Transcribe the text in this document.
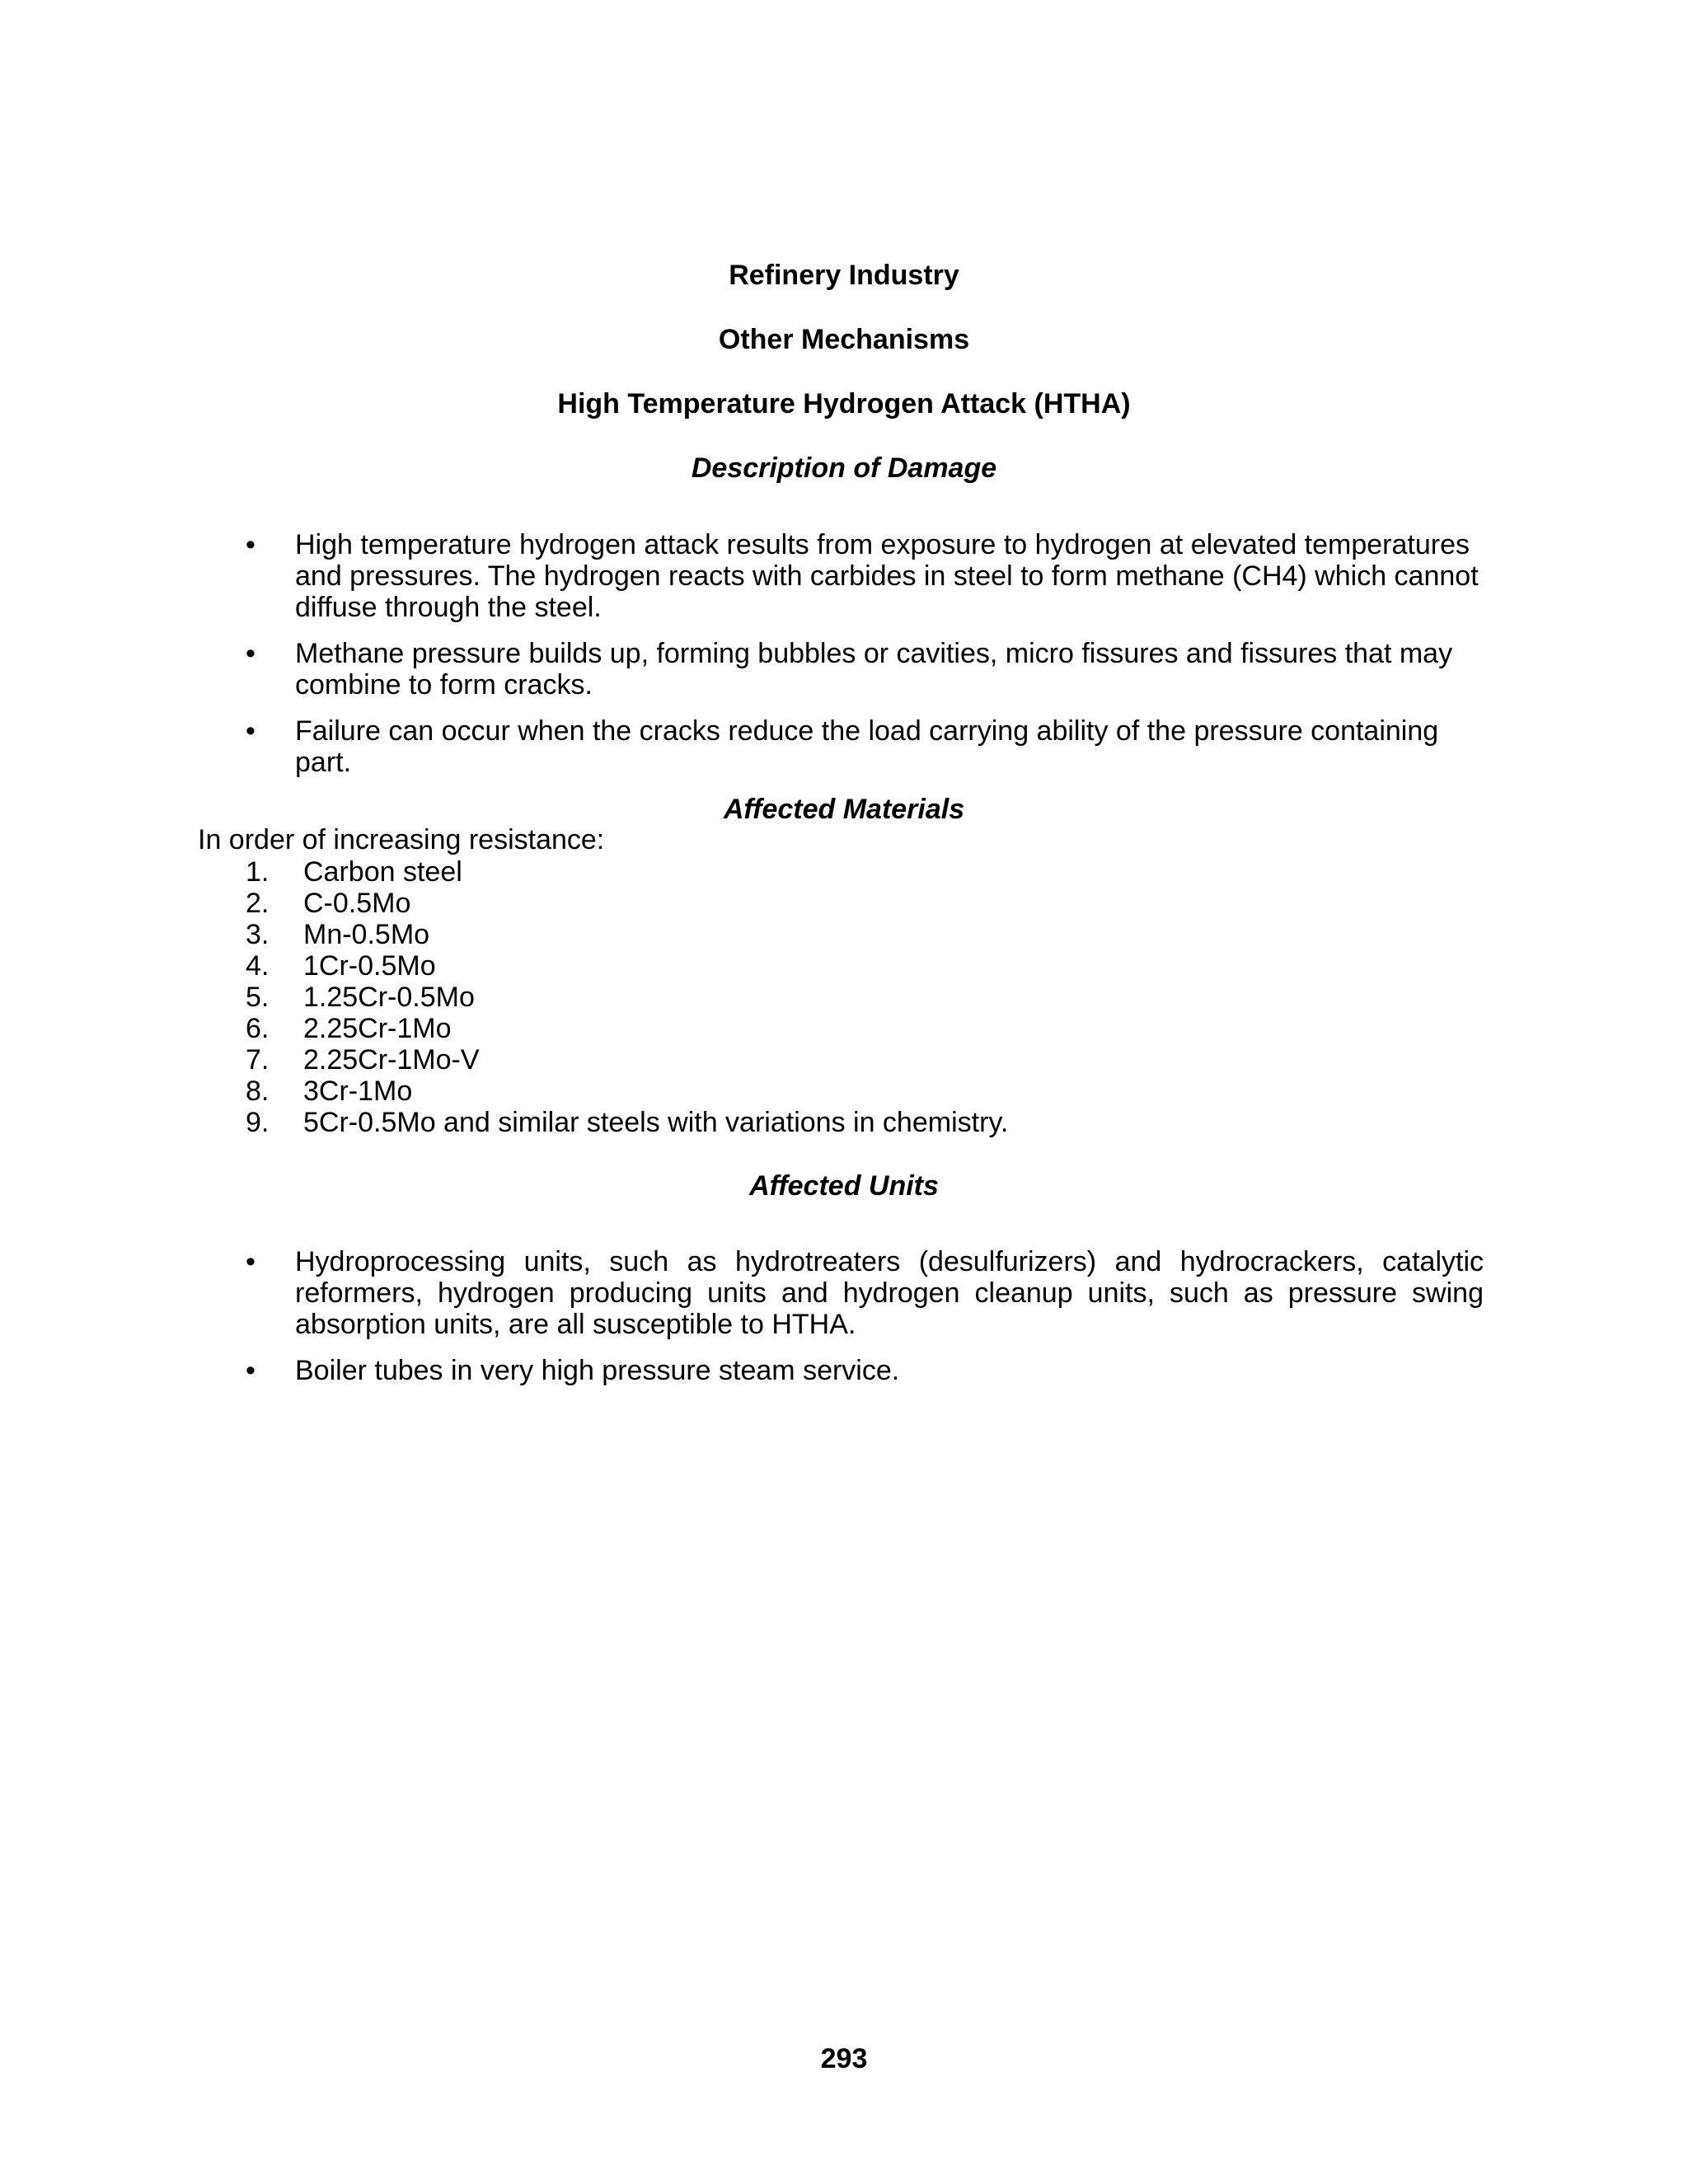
Refinery Industry
Other Mechanisms
High Temperature Hydrogen Attack (HTHA)
Description of Damage
• High temperature hydrogen attack results from exposure to hydrogen at elevated temperatures and pressures. The hydrogen reacts with carbides in steel to form methane (CH4) which cannot diffuse through the steel.
• Methane pressure builds up, forming bubbles or cavities, micro fissures and fissures that may combine to form cracks.
• Failure can occur when the cracks reduce the load carrying ability of the pressure containing part.
Affected Materials

In order of increasing resistance:

1. Carbon steel
2. C-0.5Mo
3. Mn-0.5Mo
4. 1Cr-0.5Mo
5. 1.25Cr-0.5Mo
6. 2.25Cr-1Mo
7. 2.25Cr-1Mo-V
8. 3Cr-1Mo
9. 5Cr-0.5Mo and similar steels with variations in chemistry.
Affected Units
• Hydroprocessing units, such as hydrotreaters (desulfurizers) and hydrocrackers, catalytic reformers, hydrogen producing units and hydrogen cleanup units, such as pressure swing absorption units, are all susceptible to HTHA.
• Boiler tubes in very high pressure steam service.

293
